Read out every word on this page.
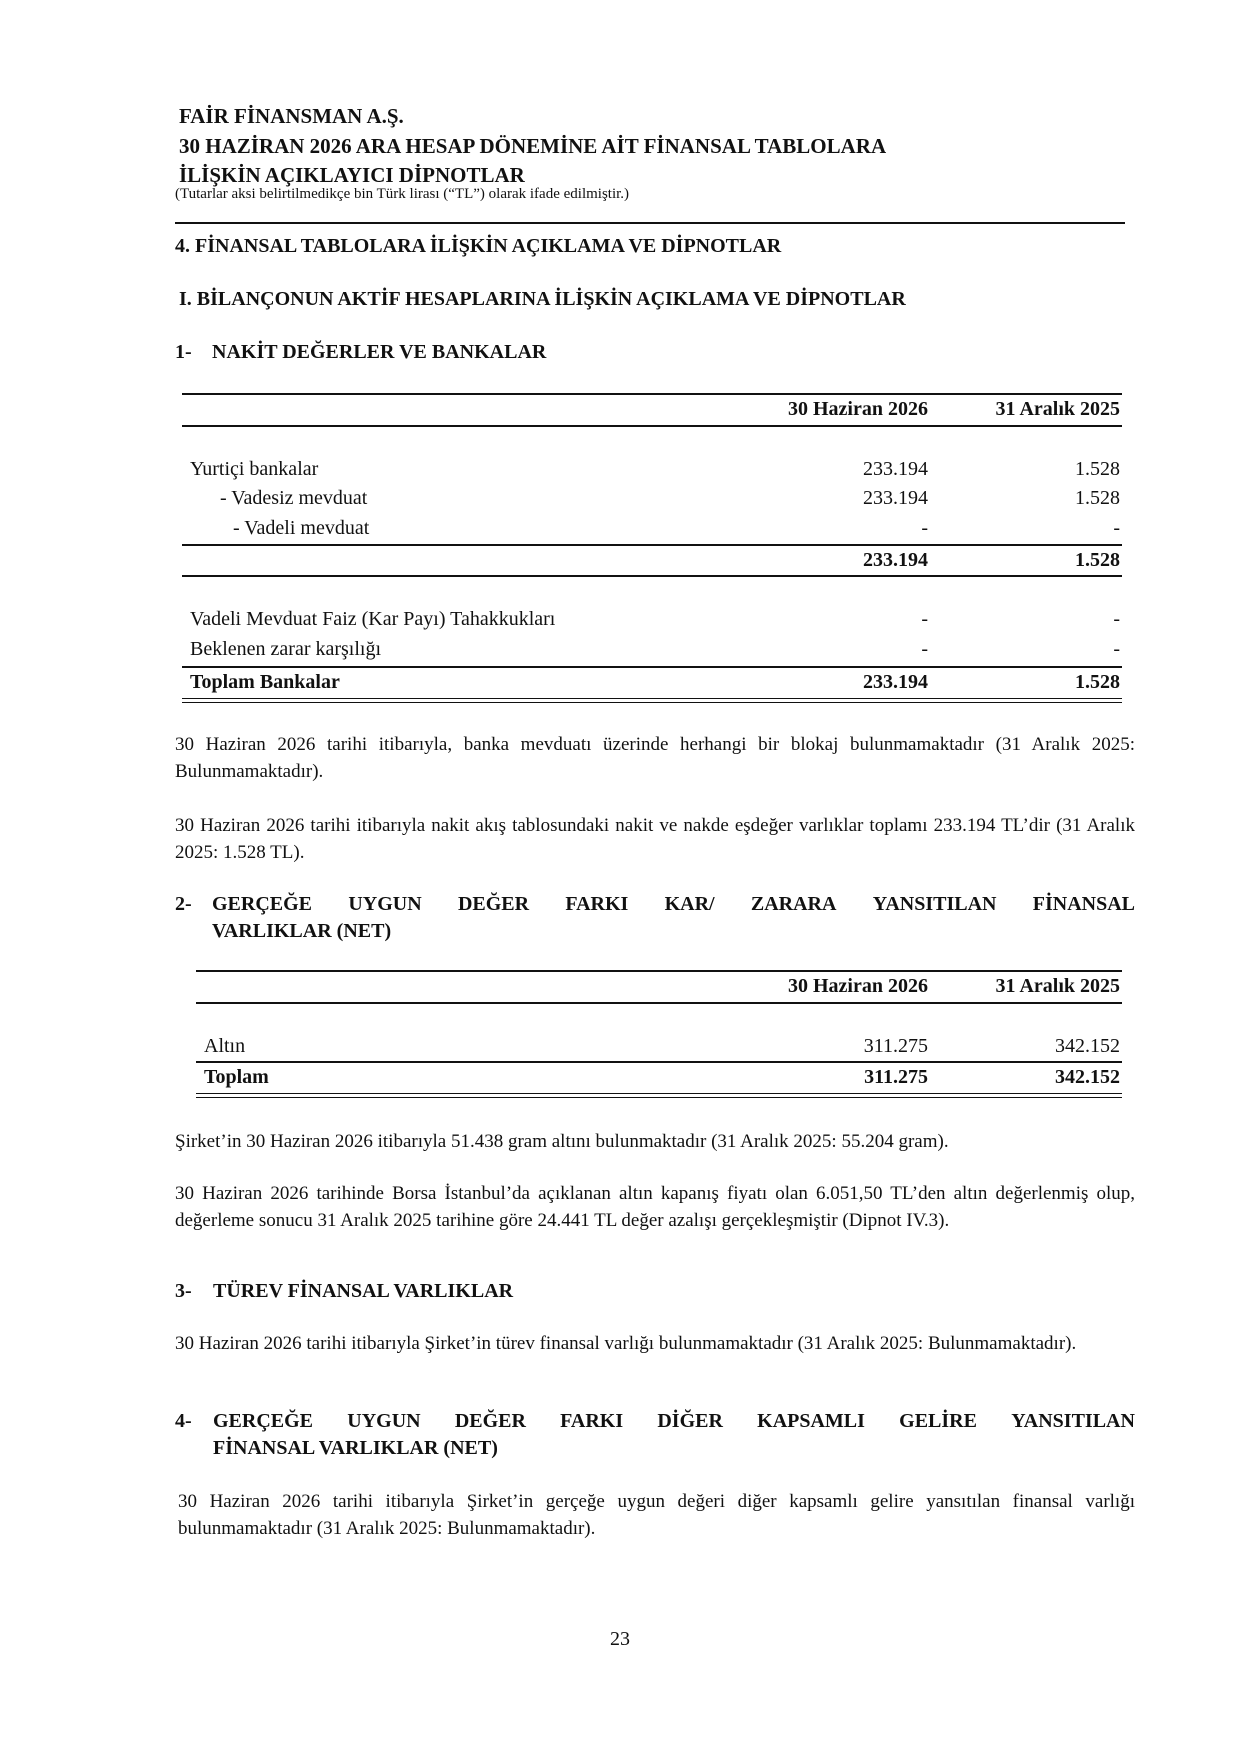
FAİR FİNANSMAN A.Ş.
30 HAZİRAN 2026 ARA HESAP DÖNEMİNE AİT FİNANSAL TABLOLARA
İLİŞKİN AÇIKLAYICI DİPNOTLAR
(Tutarlar aksi belirtilmedikçe bin Türk lirası (“TL”) olarak ifade edilmiştir.)
4. FİNANSAL TABLOLARA İLİŞKİN AÇIKLAMA VE DİPNOTLAR
I. BİLANÇONUN AKTİF HESAPLARINA İLİŞKİN AÇIKLAMA VE DİPNOTLAR
1- NAKİT DEĞERLER VE BANKALAR
30 Haziran 2026	31 Aralık 2025
Yurtiçi bankalar	233.194	1.528
- Vadesiz mevduat	233.194	1.528
- Vadeli mevduat	-	-
233.194	1.528
Vadeli Mevduat Faiz (Kar Payı) Tahakkukları	-	-
Beklenen zarar karşılığı	-	-
Toplam Bankalar	233.194	1.528
30 Haziran 2026 tarihi itibarıyla, banka mevduatı üzerinde herhangi bir blokaj bulunmamaktadır (31 Aralık 2025: Bulunmamaktadır).
30 Haziran 2026 tarihi itibarıyla nakit akış tablosundaki nakit ve nakde eşdeğer varlıklar toplamı 233.194 TL’dir (31 Aralık 2025: 1.528 TL).
2- GERÇEĞE UYGUN DEĞER FARKI KAR/ ZARARA YANSITILAN FİNANSAL
VARLIKLAR (NET)
30 Haziran 2026	31 Aralık 2025
Altın	311.275	342.152
Toplam	311.275	342.152
Şirket’in 30 Haziran 2026 itibarıyla 51.438 gram altını bulunmaktadır (31 Aralık 2025: 55.204 gram).
30 Haziran 2026 tarihinde Borsa İstanbul’da açıklanan altın kapanış fiyatı olan 6.051,50 TL’den altın değerlenmiş olup, değerleme sonucu 31 Aralık 2025 tarihine göre 24.441 TL değer azalışı gerçekleşmiştir (Dipnot IV.3).
3- TÜREV FİNANSAL VARLIKLAR
30 Haziran 2026 tarihi itibarıyla Şirket’in türev finansal varlığı bulunmamaktadır (31 Aralık 2025: Bulunmamaktadır).
4- GERÇEĞE UYGUN DEĞER FARKI DİĞER KAPSAMLI GELİRE YANSITILAN
FİNANSAL VARLIKLAR (NET)
30 Haziran 2026 tarihi itibarıyla Şirket’in gerçeğe uygun değeri diğer kapsamlı gelire yansıtılan finansal varlığı bulunmamaktadır (31 Aralık 2025: Bulunmamaktadır).
23
